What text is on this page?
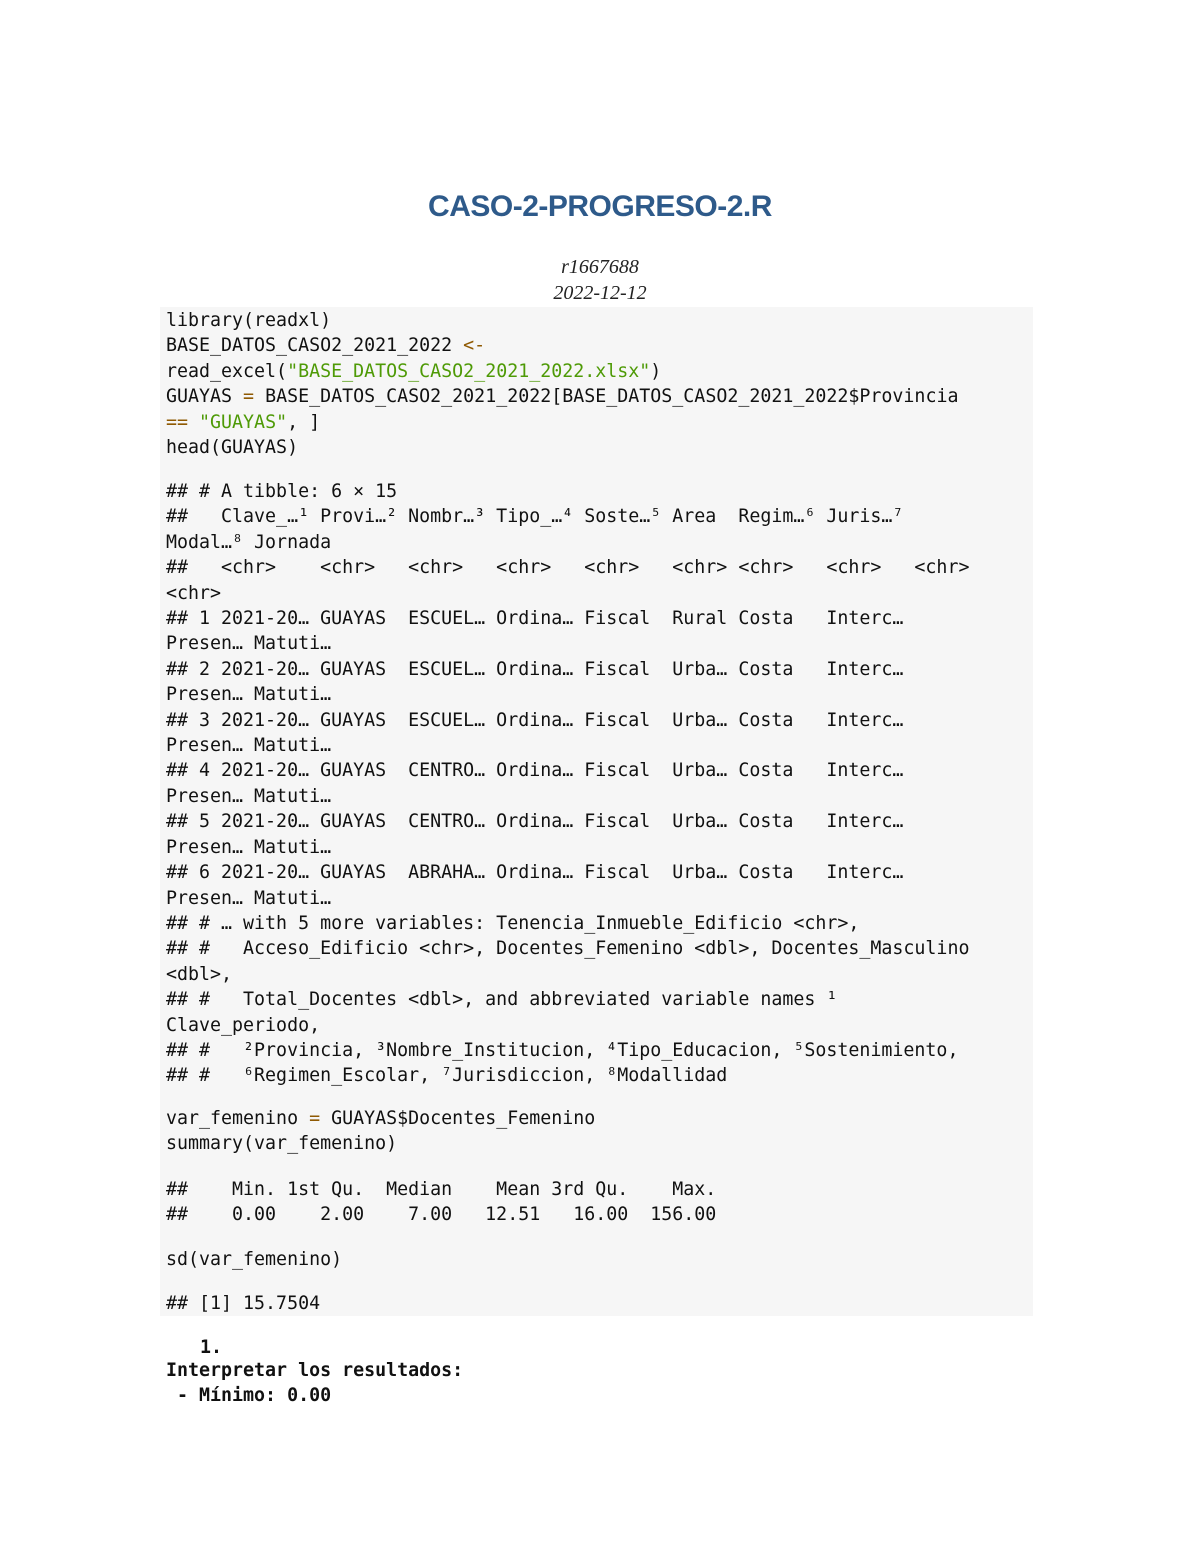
CASO-2-PROGRESO-2.R
r1667688
2022-12-12
library(readxl)
BASE_DATOS_CASO2_2021_2022 <-
read_excel("BASE_DATOS_CASO2_2021_2022.xlsx")
GUAYAS = BASE_DATOS_CASO2_2021_2022[BASE_DATOS_CASO2_2021_2022$Provincia
== "GUAYAS", ]
head(GUAYAS)
## # A tibble: 6 × 15
##   Clave_…¹ Provi…² Nombr…³ Tipo_…⁴ Soste…⁵ Area  Regim…⁶ Juris…⁷
Modal…⁸ Jornada
##   <chr>    <chr>   <chr>   <chr>   <chr>   <chr> <chr>   <chr>   <chr>
<chr>
## 1 2021-20… GUAYAS  ESCUEL… Ordina… Fiscal  Rural Costa   Interc…
Presen… Matuti…
## 2 2021-20… GUAYAS  ESCUEL… Ordina… Fiscal  Urba… Costa   Interc…
Presen… Matuti…
## 3 2021-20… GUAYAS  ESCUEL… Ordina… Fiscal  Urba… Costa   Interc…
Presen… Matuti…
## 4 2021-20… GUAYAS  CENTRO… Ordina… Fiscal  Urba… Costa   Interc…
Presen… Matuti…
## 5 2021-20… GUAYAS  CENTRO… Ordina… Fiscal  Urba… Costa   Interc…
Presen… Matuti…
## 6 2021-20… GUAYAS  ABRAHA… Ordina… Fiscal  Urba… Costa   Interc…
Presen… Matuti…
## # … with 5 more variables: Tenencia_Inmueble_Edificio <chr>,
## #   Acceso_Edificio <chr>, Docentes_Femenino <dbl>, Docentes_Masculino
<dbl>,
## #   Total_Docentes <dbl>, and abbreviated variable names ¹
Clave_periodo,
## #   ²Provincia, ³Nombre_Institucion, ⁴Tipo_Educacion, ⁵Sostenimiento,
## #   ⁶Regimen_Escolar, ⁷Jurisdiccion, ⁸Modallidad
var_femenino = GUAYAS$Docentes_Femenino
summary(var_femenino)
##    Min. 1st Qu.  Median    Mean 3rd Qu.    Max.
##    0.00    2.00    7.00   12.51   16.00  156.00
sd(var_femenino)
## [1] 15.7504
1.
Interpretar los resultados:
- Mínimo: 0.00
